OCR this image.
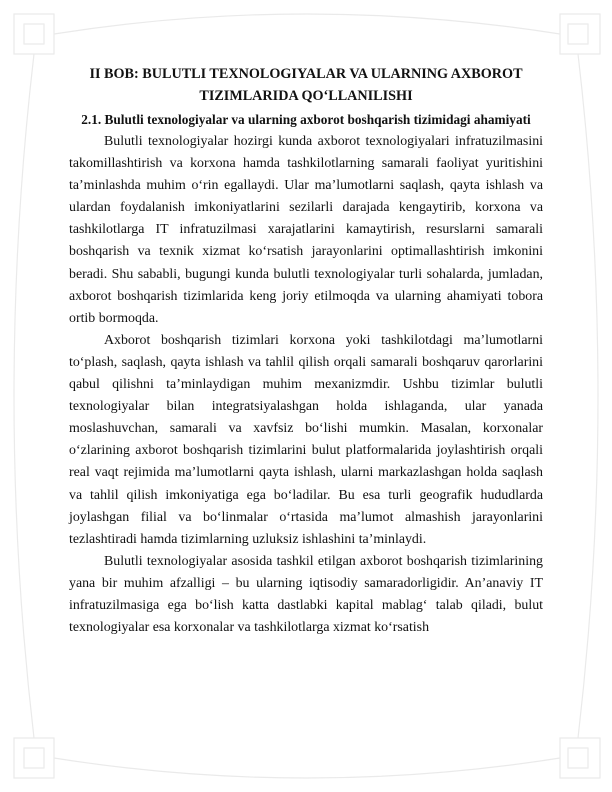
II BOB: BULUTLI TEXNOLOGIYALAR VA ULARNING AXBOROT TIZIMLARIDA QO‘LLANILISHI
2.1. Bulutli texnologiyalar va ularning axborot boshqarish tizimidagi ahamiyati

Bulutli texnologiyalar hozirgi kunda axborot texnologiyalari infratuzilmasini takomillashtirish va korxona hamda tashkilotlarning samarali faoliyat yuritishini ta’minlashda muhim o‘rin egallaydi. Ular ma’lumotlarni saqlash, qayta ishlash va ulardan foydalanish imkoniyatlarini sezilarli darajada kengaytirib, korxona va tashkilotlarga IT infratuzilmasi xarajatlarini kamaytirish, resurslarni samarali boshqarish va texnik xizmat ko‘rsatish jarayonlarini optimallashtirish imkonini beradi. Shu sababli, bugungi kunda bulutli texnologiyalar turli sohalarda, jumladan, axborot boshqarish tizimlarida keng joriy etilmoqda va ularning ahamiyati tobora ortib bormoqda.

Axborot boshqarish tizimlari korxona yoki tashkilotdagi ma’lumotlarni to‘plash, saqlash, qayta ishlash va tahlil qilish orqali samarali boshqaruv qarorlarini qabul qilishni ta’minlaydigan muhim mexanizmdir. Ushbu tizimlar bulutli texnologiyalar bilan integratsiyalashgan holda ishlaganda, ular yanada moslashuvchan, samarali va xavfsiz bo‘lishi mumkin. Masalan, korxonalar o‘zlarining axborot boshqarish tizimlarini bulut platformalarida joylashtirish orqali real vaqt rejimida ma’lumotlarni qayta ishlash, ularni markazlashgan holda saqlash va tahlil qilish imkoniyatiga ega bo‘ladilar. Bu esa turli geografik hududlarda joylashgan filial va bo‘linmalar o‘rtasida ma’lumot almashish jarayonlarini tezlashtiradi hamda tizimlarning uzluksiz ishlashini ta’minlaydi.

Bulutli texnologiyalar asosida tashkil etilgan axborot boshqarish tizimlarining yana bir muhim afzalligi – bu ularning iqtisodiy samaradorligidir. An’anaviy IT infratuzilmasiga ega bo‘lish katta dastlabki kapital mablag‘ talab qiladi, bulut texnologiyalar esa korxonalar va tashkilotlarga xizmat ko‘rsatish
